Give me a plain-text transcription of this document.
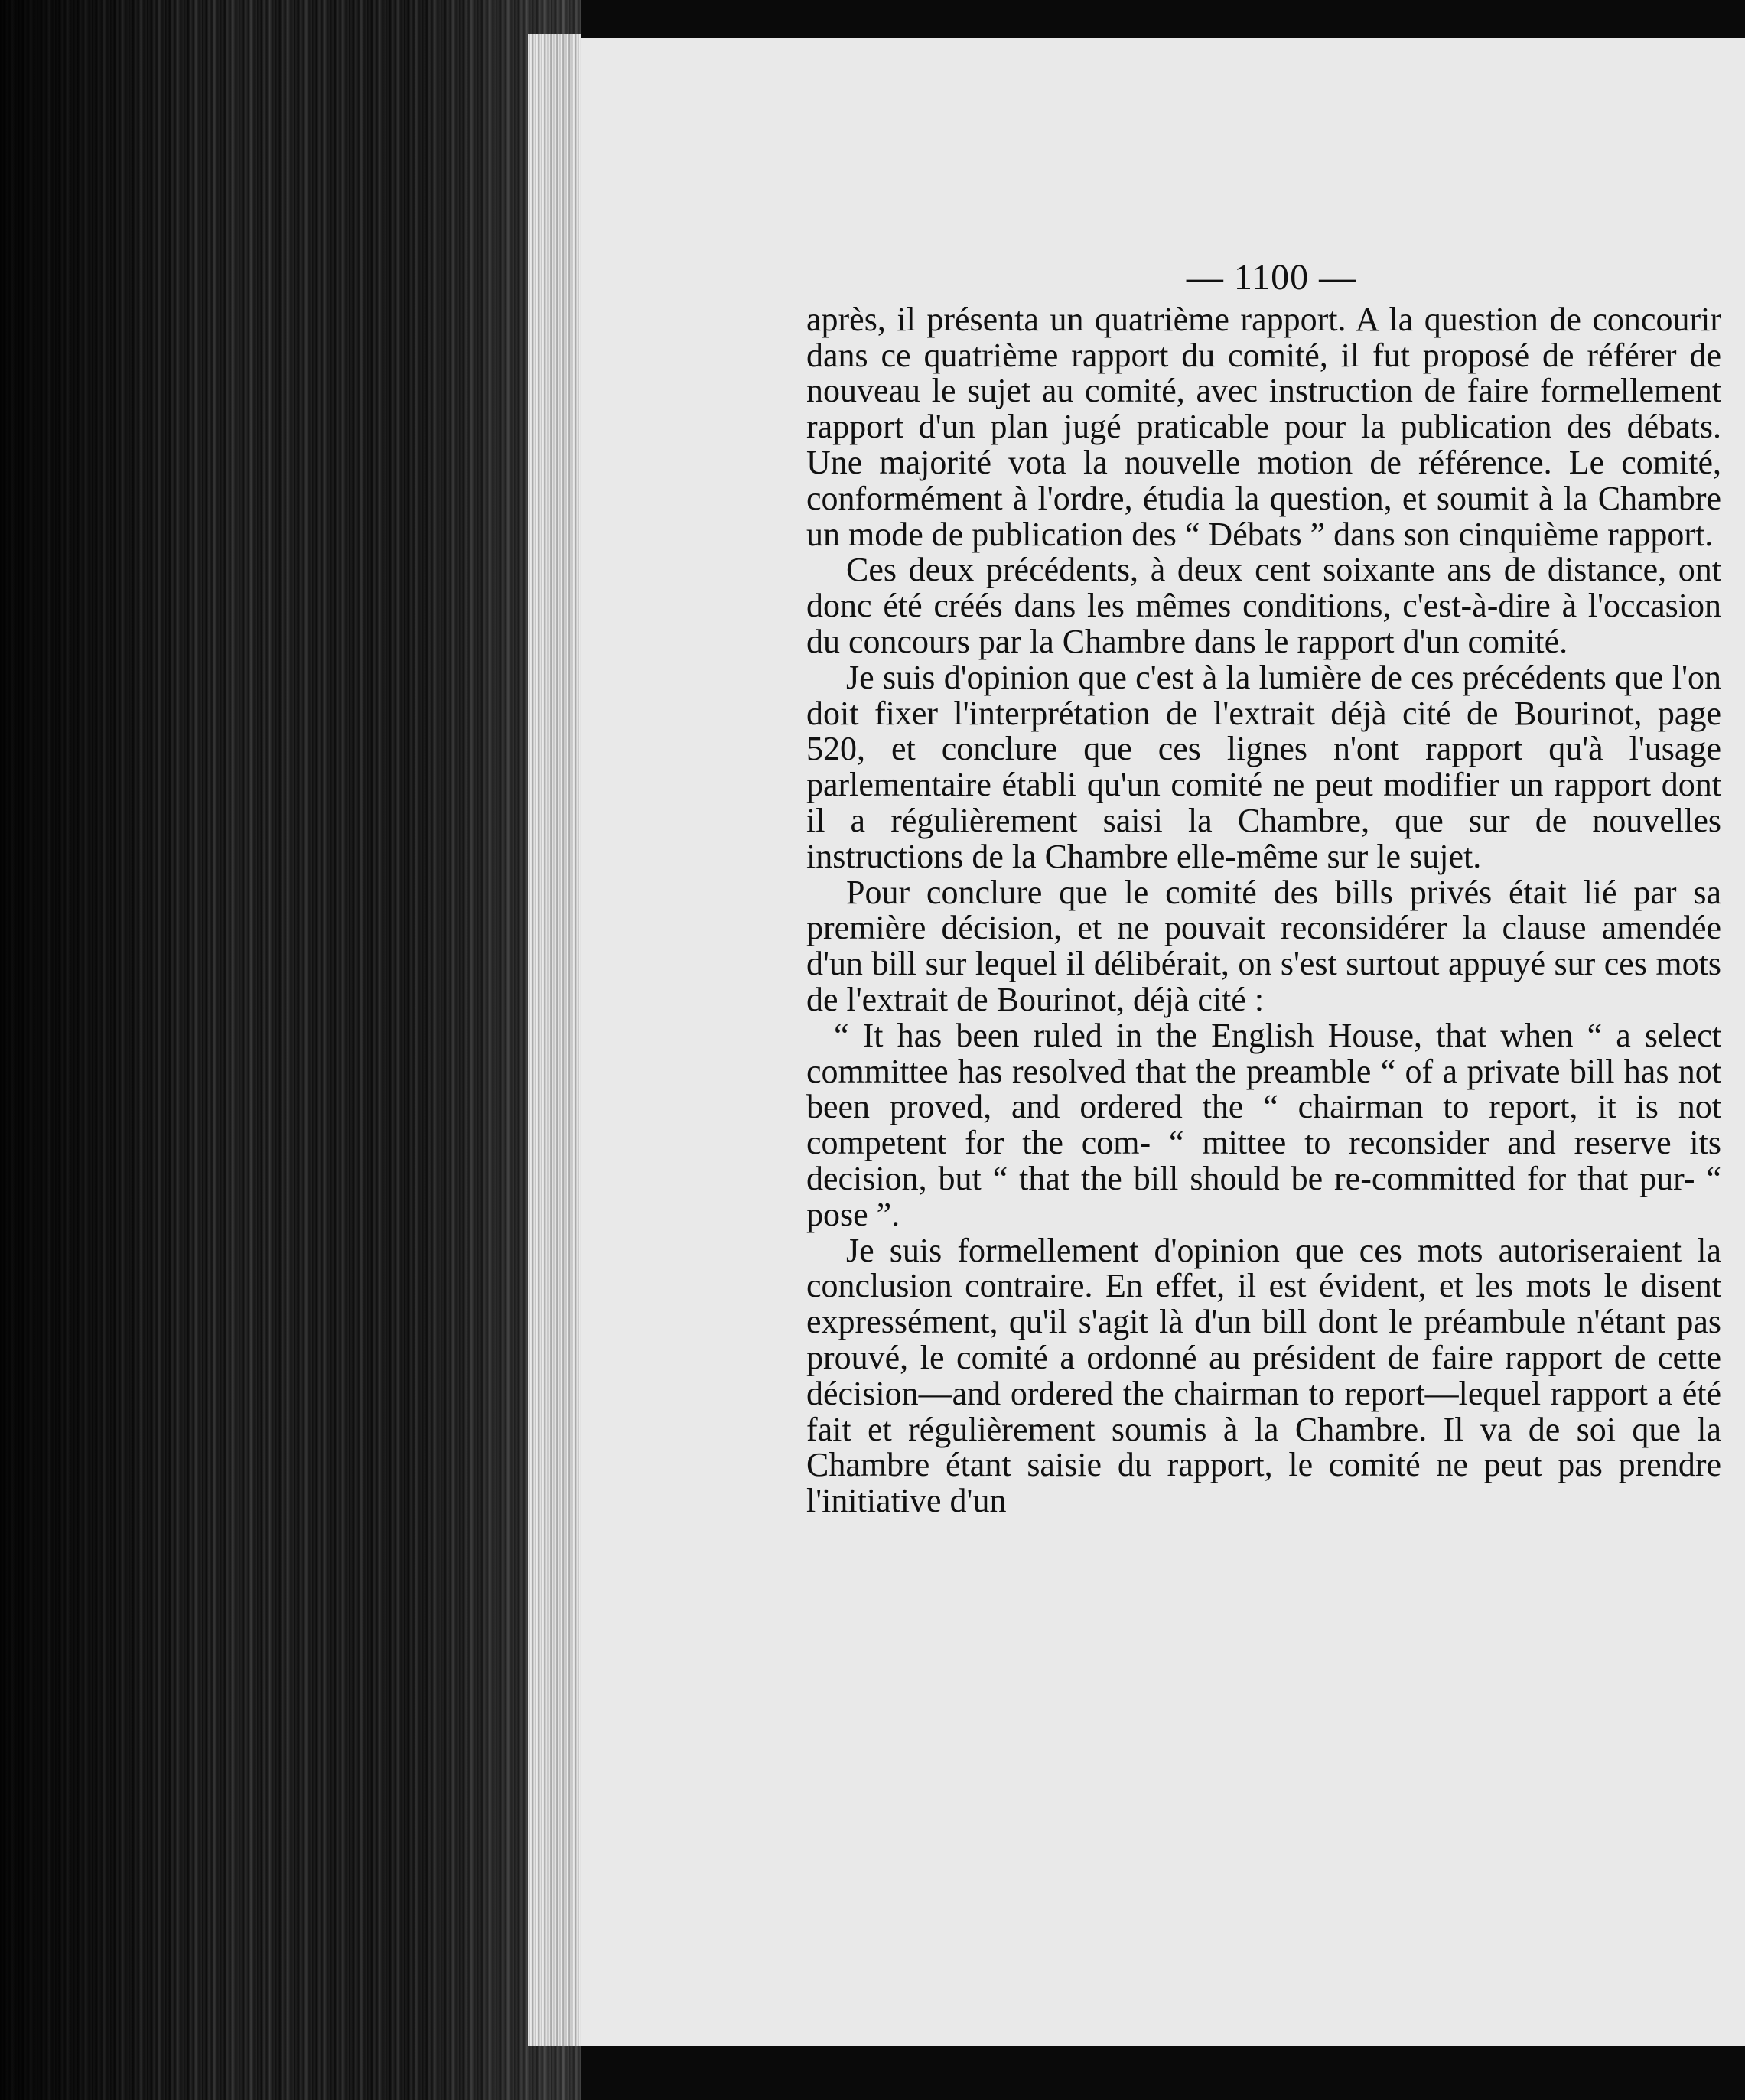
— 1100 —

après, il présenta un quatrième rapport. A la question de concourir dans ce quatrième rapport du comité, il fut proposé de référer de nouveau le sujet au comité, avec instruction de faire formellement rapport d'un plan jugé praticable pour la publication des débats. Une majorité vota la nouvelle motion de référence. Le comité, conformément à l'ordre, étudia la question, et soumit à la Chambre un mode de publication des “ Débats ” dans son cinquième rapport.

Ces deux précédents, à deux cent soixante ans de distance, ont donc été créés dans les mêmes conditions, c'est-à-dire à l'occasion du concours par la Chambre dans le rapport d'un comité.

Je suis d'opinion que c'est à la lumière de ces précédents que l'on doit fixer l'interprétation de l'extrait déjà cité de Bourinot, page 520, et conclure que ces lignes n'ont rapport qu'à l'usage parlementaire établi qu'un comité ne peut modifier un rapport dont il a régulièrement saisi la Chambre, que sur de nouvelles instructions de la Chambre elle-même sur le sujet.

Pour conclure que le comité des bills privés était lié par sa première décision, et ne pouvait reconsidérer la clause amendée d'un bill sur lequel il délibérait, on s'est surtout appuyé sur ces mots de l'extrait de Bourinot, déjà cité :

“ It has been ruled in the English House, that when “ a select committee has resolved that the preamble “ of a private bill has not been proved, and ordered the “ chairman to report, it is not competent for the com- “ mittee to reconsider and reserve its decision, but “ that the bill should be re-committed for that pur- “ pose ”.

Je suis formellement d'opinion que ces mots autoriseraient la conclusion contraire. En effet, il est évident, et les mots le disent expressément, qu'il s'agit là d'un bill dont le préambule n'étant pas prouvé, le comité a ordonné au président de faire rapport de cette décision—and ordered the chairman to report—lequel rapport a été fait et régulièrement soumis à la Chambre. Il va de soi que la Chambre étant saisie du rapport, le comité ne peut pas prendre l'initiative d'un
